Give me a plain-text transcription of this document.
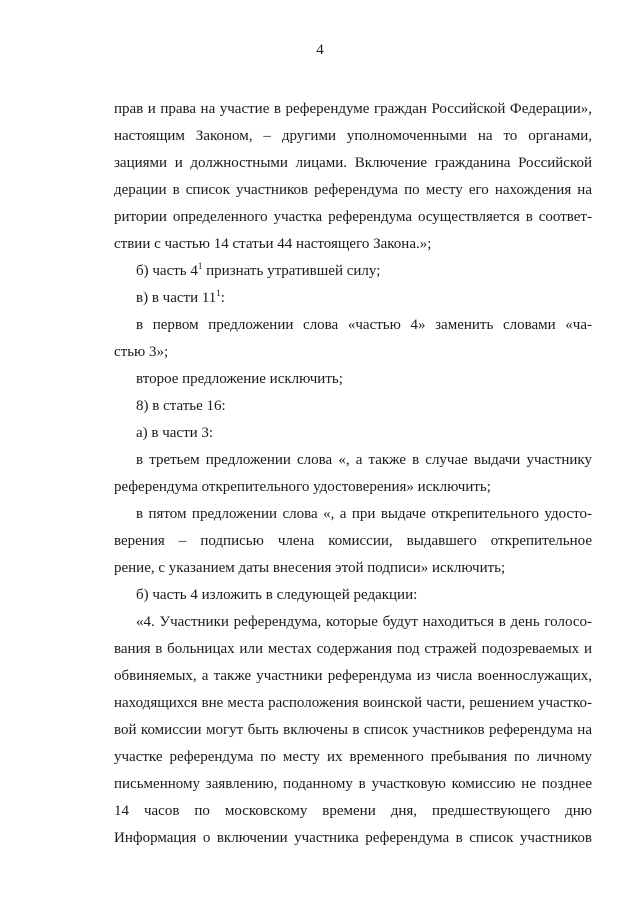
4
прав и права на участие в референдуме граждан Российской Федерации»,
настоящим Законом, – другими уполномоченными на то органами,
зациями и должностными лицами. Включение гражданина Российской
дерации в список участников референдума по месту его нахождения на
ритории определенного участка референдума осуществляется в соответ-
ствии с частью 14 статьи 44 настоящего Закона.»;
б) часть $4^1$ признать утратившей силу;
в) в части $11^1$:
в первом предложении слова «частью 4» заменить словами «ча-
стью 3»;
второе предложение исключить;
8) в статье 16:
а) в части 3:
в третьем предложении слова «, а также в случае выдачи участнику
референдума открепительного удостоверения» исключить;
в пятом предложении слова «, а при выдаче открепительного удосто-
верения – подписью члена комиссии, выдавшего открепительное
рение, с указанием даты внесения этой подписи» исключить;
б) часть 4 изложить в следующей редакции:
«4. Участники референдума, которые будут находиться в день голосо-
вания в больницах или местах содержания под стражей подозреваемых и
обвиняемых, а также участники референдума из числа военнослужащих,
находящихся вне места расположения воинской части, решением участко-
вой комиссии могут быть включены в список участников референдума на
участке референдума по месту их временного пребывания по личному
письменному заявлению, поданному в участковую комиссию не позднее
14 часов по московскому времени дня, предшествующего дню
Информация о включении участника референдума в список участников
